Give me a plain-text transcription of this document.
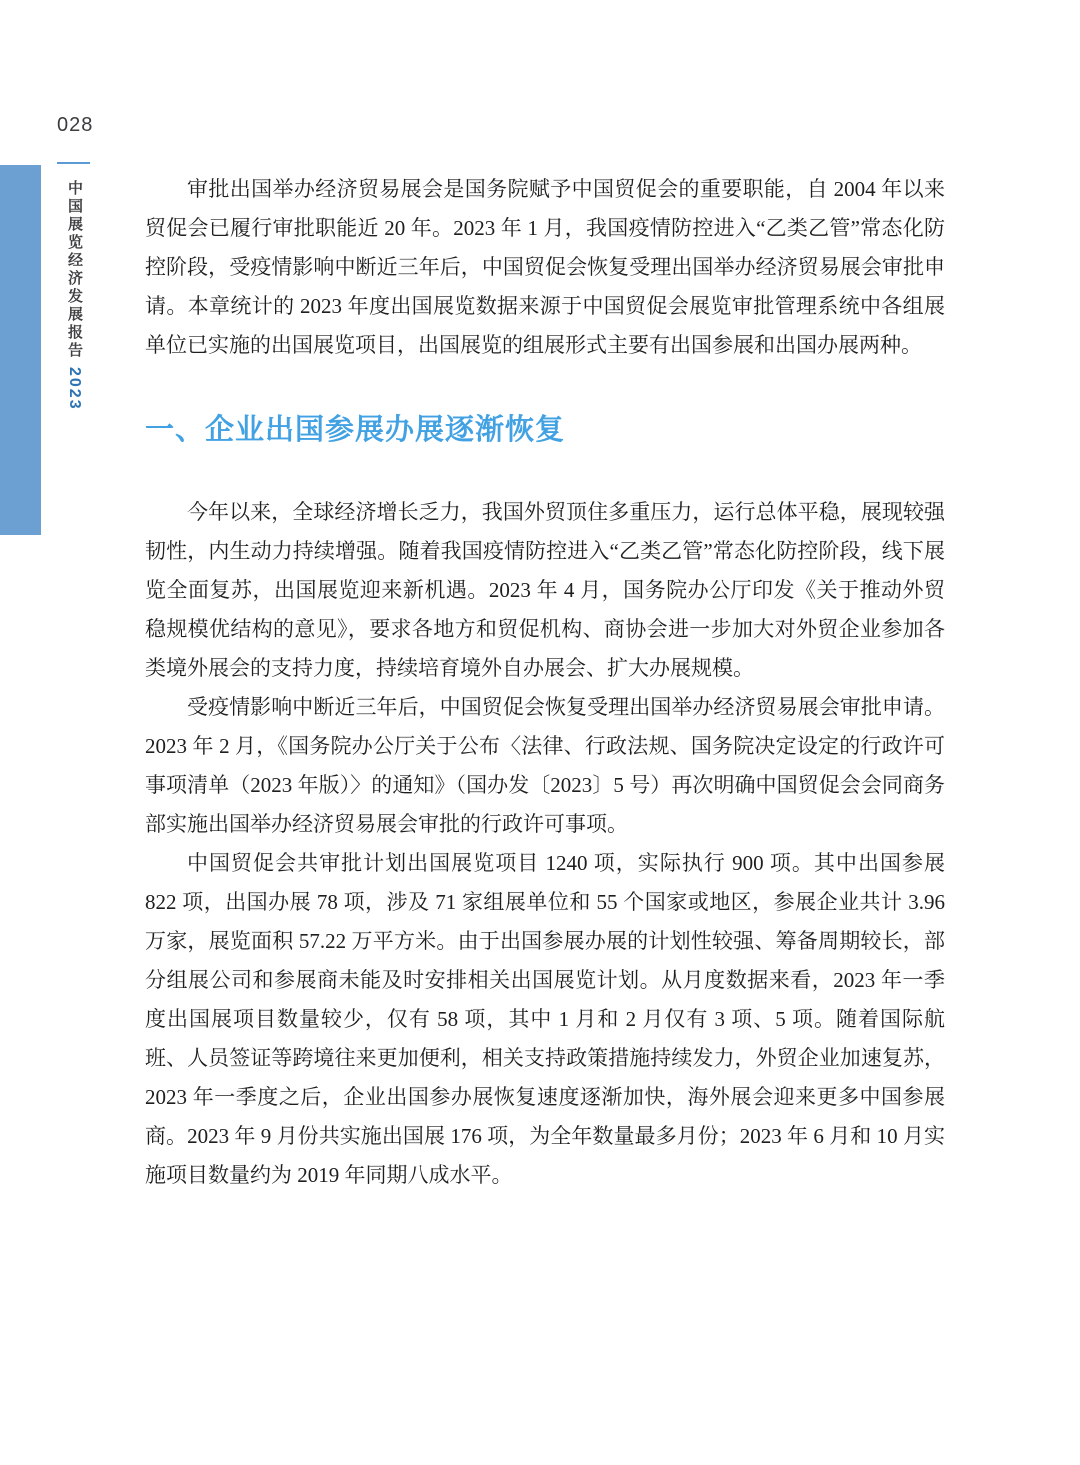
028
中国展览经济发展报告2023

审批出国举办经济贸易展会是国务院赋予中国贸促会的重要职能，自 2004 年以来贸促会已履行审批职能近 20 年。2023 年 1 月，我国疫情防控进入“乙类乙管”常态化防控阶段，受疫情影响中断近三年后，中国贸促会恢复受理出国举办经济贸易展会审批申请。本章统计的 2023 年度出国展览数据来源于中国贸促会展览审批管理系统中各组展单位已实施的出国展览项目，出国展览的组展形式主要有出国参展和出国办展两种。

一、企业出国参展办展逐渐恢复

今年以来，全球经济增长乏力，我国外贸顶住多重压力，运行总体平稳，展现较强韧性，内生动力持续增强。随着我国疫情防控进入“乙类乙管”常态化防控阶段，线下展览全面复苏，出国展览迎来新机遇。2023 年 4 月，国务院办公厅印发《关于推动外贸稳规模优结构的意见》，要求各地方和贸促机构、商协会进一步加大对外贸企业参加各类境外展会的支持力度，持续培育境外自办展会、扩大办展规模。

受疫情影响中断近三年后，中国贸促会恢复受理出国举办经济贸易展会审批申请。2023 年 2 月，《国务院办公厅关于公布〈法律、行政法规、国务院决定设定的行政许可事项清单（2023 年版）〉的通知》（国办发〔2023〕5 号）再次明确中国贸促会会同商务部实施出国举办经济贸易展会审批的行政许可事项。

中国贸促会共审批计划出国展览项目 1240 项，实际执行 900 项。其中出国参展 822 项，出国办展 78 项，涉及 71 家组展单位和 55 个国家或地区，参展企业共计 3.96 万家，展览面积 57.22 万平方米。由于出国参展办展的计划性较强、筹备周期较长，部分组展公司和参展商未能及时安排相关出国展览计划。从月度数据来看，2023 年一季度出国展项目数量较少，仅有 58 项，其中 1 月和 2 月仅有 3 项、5 项。随着国际航班、人员签证等跨境往来更加便利，相关支持政策措施持续发力，外贸企业加速复苏，2023 年一季度之后，企业出国参办展恢复速度逐渐加快，海外展会迎来更多中国参展商。2023 年 9 月份共实施出国展 176 项，为全年数量最多月份；2023 年 6 月和 10 月实施项目数量约为 2019 年同期八成水平。
